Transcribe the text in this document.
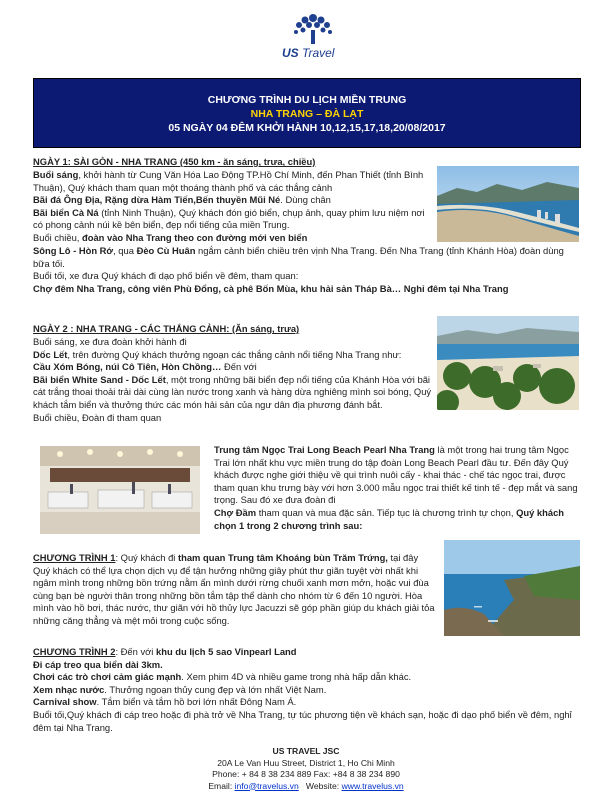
US Travel
CHƯƠNG TRÌNH DU LỊCH MIỀN TRUNG
NHA TRANG – ĐÀ LẠT
05 NGÀY 04 ĐÊM KHỞI HÀNH 10,12,15,17,18,20/08/2017

NGÀY 1: SÀI GÒN - NHA TRANG (450 km - ăn sáng, trưa, chiều)

Buổi sáng, khởi hành từ Cung Văn Hóa Lao Động TP.Hồ Chí Minh, đến Phan Thiết (tỉnh Bình Thuận), Quý khách tham quan một thoáng thành phố và các thắng cảnh

Bãi đá Ông Địa, Rặng dừa Hàm Tiến,Bến thuyền Mũi Né. Dùng chân

Bãi biển Cà Ná (tỉnh Ninh Thuận), Quý khách đón gió biển, chụp ảnh, quay phim lưu niệm nơi có phong cảnh núi kề bên biển, đẹp nổi tiếng của miền Trung.

Buổi chiều, đoàn vào Nha Trang theo con đường mới ven biển

Sông Lô - Hòn Rớ, qua Đèo Cù Huân ngắm cảnh biển chiều trên vịnh Nha Trang. Đến Nha Trang (tỉnh Khánh Hòa) đoàn dùng bữa tối.

Buổi tối, xe đưa Quý khách đi dạo phố biển về đêm, tham quan:

Chợ đêm Nha Trang, công viên Phù Đổng, cà phê Bốn Mùa, khu hải sản Tháp Bà… Nghỉ đêm tại Nha Trang

NGÀY 2 : NHA TRANG - CÁC THẮNG CẢNH: (Ăn sáng, trưa)

Buổi sáng, xe đưa đoàn khởi hành đi

Dốc Lết, trên đường Quý khách thưởng ngoạn các thắng cảnh nổi tiếng Nha Trang như:

Cầu Xóm Bóng, núi Cô Tiên, Hòn Chồng… Đến với

Bãi biển White Sand - Dốc Lết, một trong những bãi biển đẹp nổi tiếng của Khánh Hòa với bãi cát trắng thoai thoải trải dài cùng làn nước trong xanh và hàng dừa nghiêng mình soi bóng, Quý khách tắm biển và thưởng thức các món hải sản của ngư dân địa phương đánh bắt.

Buổi chiều, Đoàn đi tham quan

Trung tâm Ngọc Trai Long Beach Pearl Nha Trang là một trong hai trung tâm Ngọc Trai lớn nhất khu vực miền trung do tập đoàn Long Beach Pearl đầu tư. Đến đây Quý khách được nghe giới thiệu về qui trình nuôi cấy - khai thác - chế tác ngọc trai, được tham quan khu trưng bày với hơn 3.000 mẫu ngọc trai thiết kế tinh tế - đẹp mắt và sang trọng. Sau đó xe đưa đoàn đi

Chợ Đầm tham quan và mua đặc sản. Tiếp tục là chương trình tự chọn, Quý khách chọn 1 trong 2 chương trình sau:

CHƯƠNG TRÌNH 1: Quý khách đi tham quan Trung tâm Khoáng bùn Trăm Trứng, tại đây Quý khách có thể lựa chọn dịch vụ để tận hưởng những giây phút thư giãn tuyệt vời nhất khi ngâm mình trong những bồn trứng nằm ẩn mình dưới rừng chuối xanh mơn mởn, hoặc vui đùa cùng bạn bè người thân trong những bồn tắm tập thể dành cho nhóm từ 6 đến 10 người. Hòa mình vào hồ bơi, thác nước, thư giãn với hồ thủy lực Jacuzzi sẽ góp phần giúp du khách giải tỏa những căng thẳng và mệt mỏi trong cuộc sống.

CHƯƠNG TRÌNH 2: Đến với khu du lịch 5 sao Vinpearl Land

Đi cáp treo qua biển dài 3km.

Chơi các trò chơi cảm giác mạnh. Xem phim 4D và nhiều game trong nhà hấp dẫn khác.

Xem nhạc nước. Thưởng ngoạn thủy cung đẹp và lớn nhất Việt Nam.

Carnival show. Tắm biển và tắm hồ bơi lớn nhất Đông Nam Á.

Buổi tối,Quý khách đi cáp treo hoặc đi phà trở về Nha Trang, tự túc phương tiện về khách sạn, hoặc đi dạo phố biển về đêm, nghỉ đêm tại Nha Trang.

US TRAVEL JSC
20A Le Van Huu Street, District 1, Ho Chi Minh
Phone: + 84 8 38 234 889 Fax: +84 8 38 234 890
Email: info@travelus.vn   Website: www.travelus.vn
